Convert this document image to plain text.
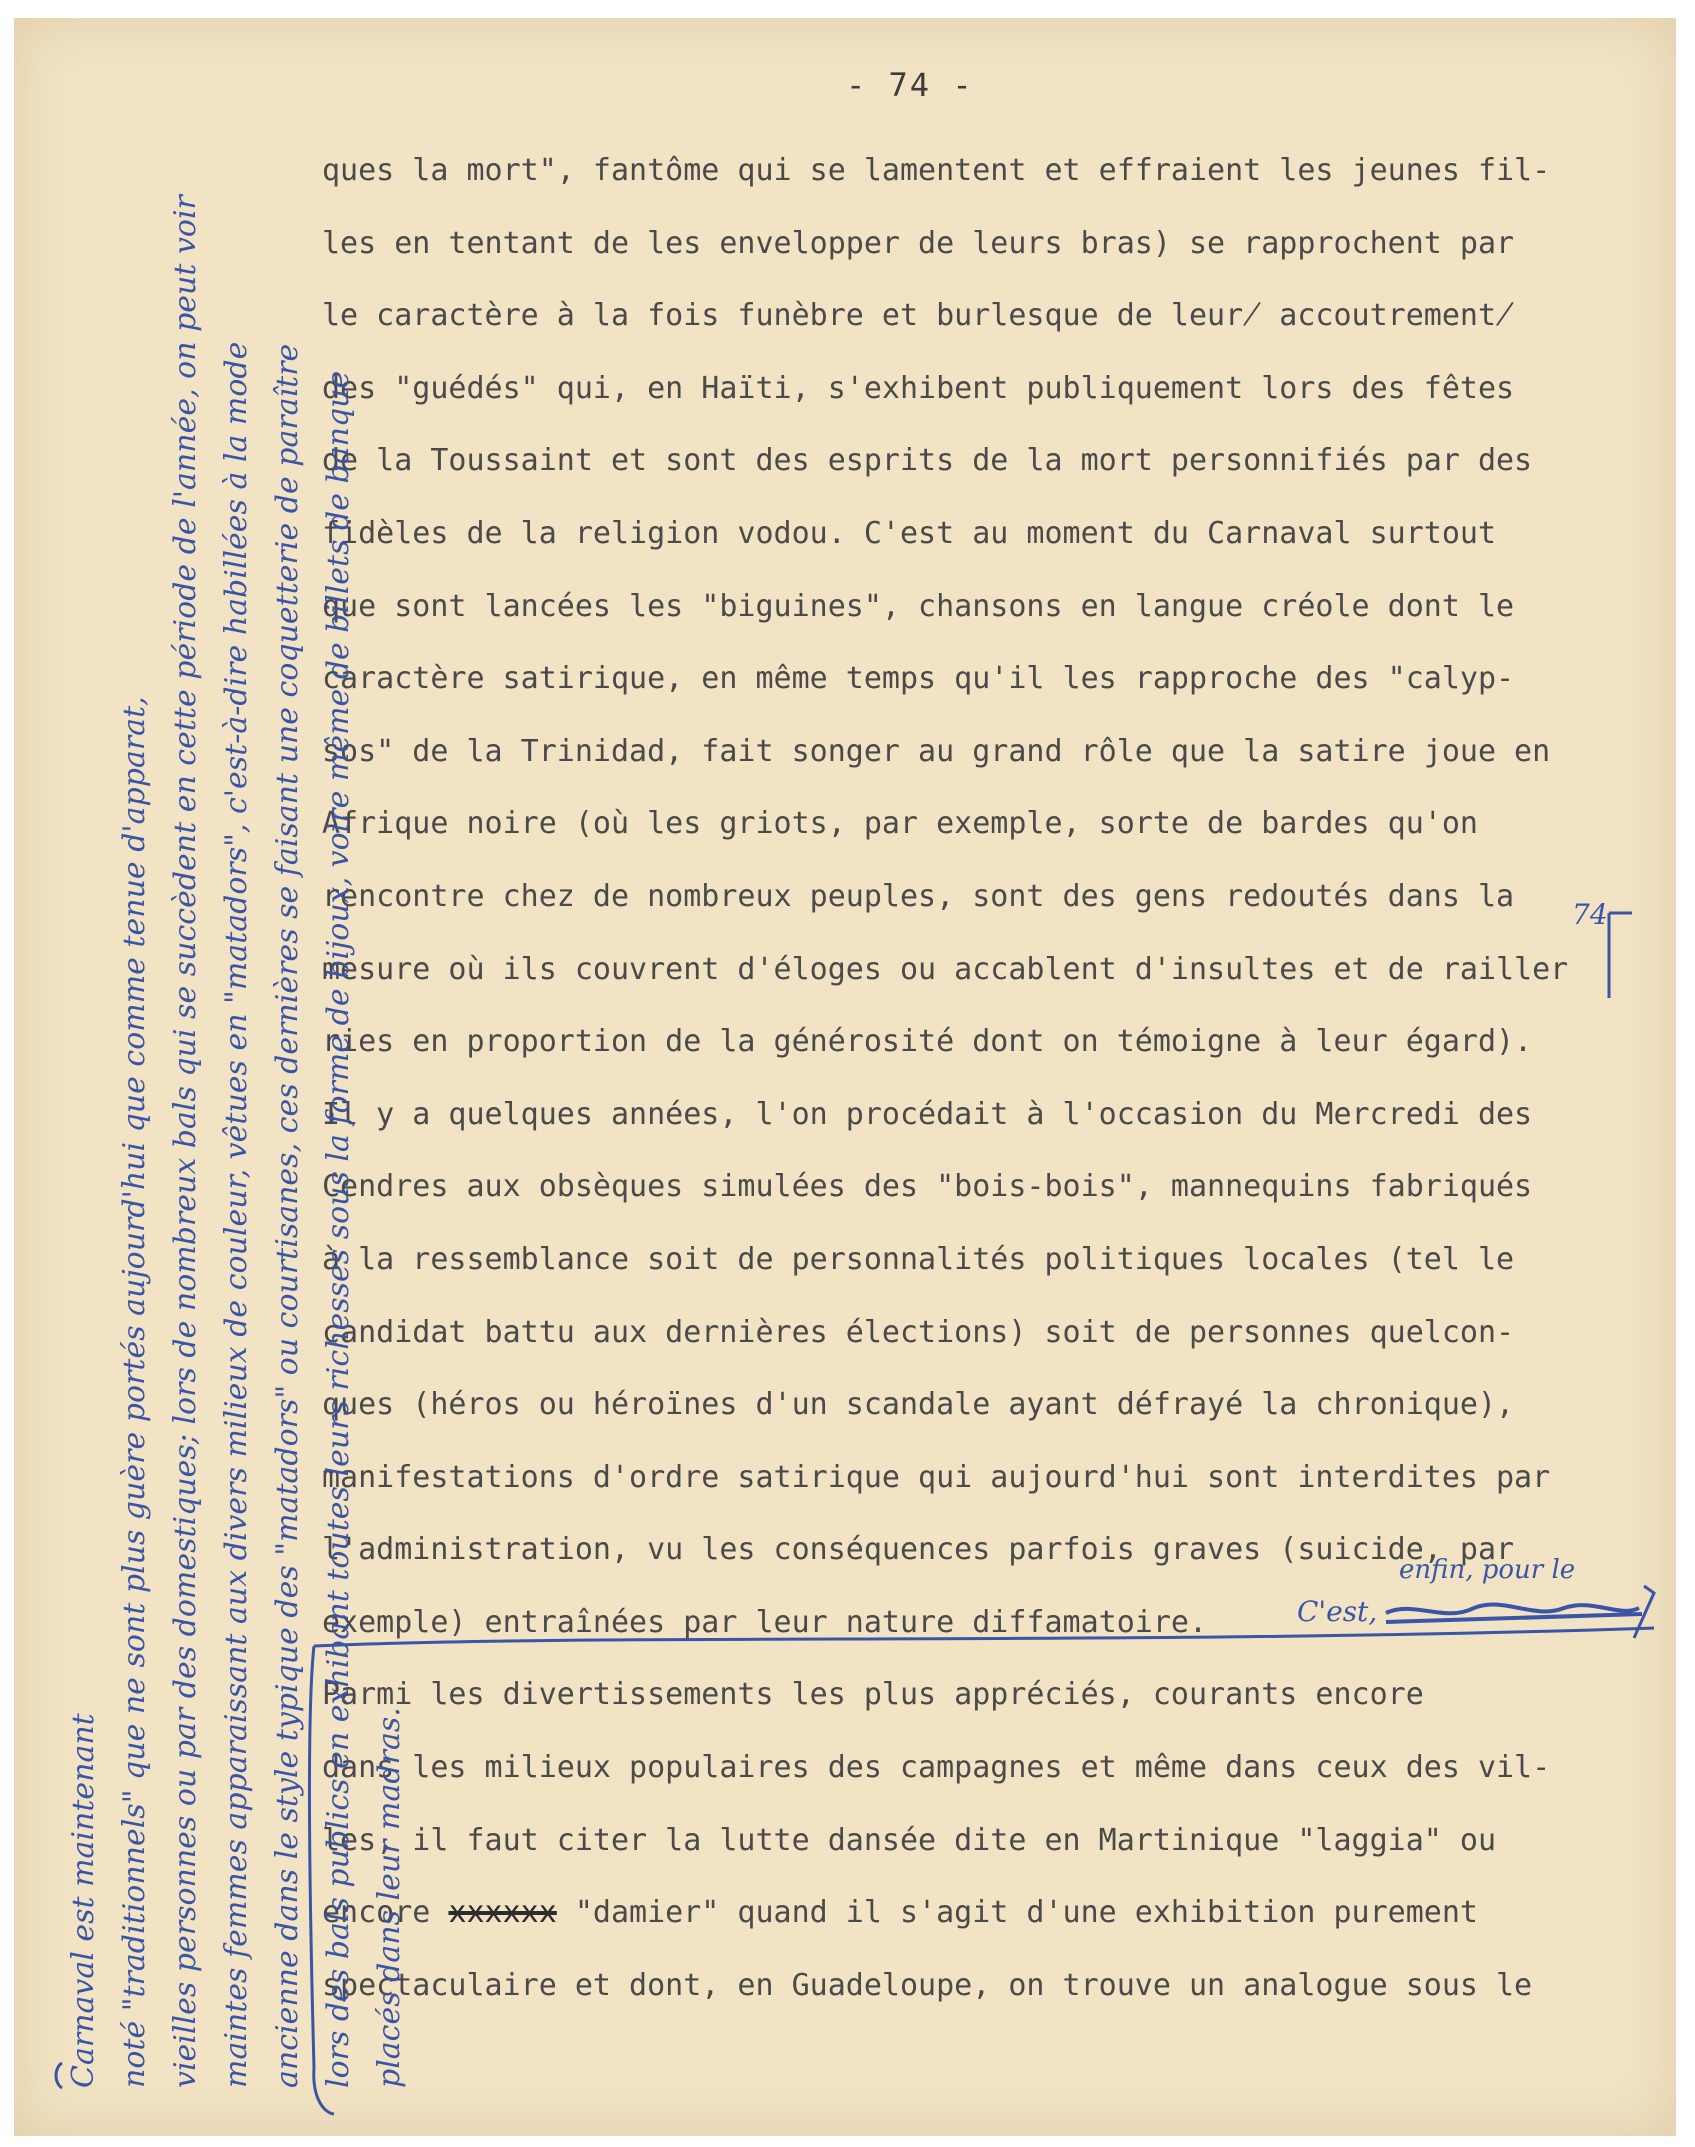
- 74 -
ques la mort", fantôme qui se lamentent et effraient les jeunes fil-
les en tentant de les envelopper de leurs bras) se rapprochent par
le caractère à la fois funèbre et burlesque de leur̸ accoutrement̸
des "guédés" qui, en Haïti, s'exhibent publiquement lors des fêtes
de la Toussaint et sont des esprits de la mort personnifiés par des
fidèles de la religion vodou. C'est au moment du Carnaval surtout
que sont lancées les "biguines", chansons en langue créole dont le
caractère satirique, en même temps qu'il les rapproche des "calyp-
sos" de la Trinidad, fait songer au grand rôle que la satire joue en
Afrique noire (où les griots, par exemple, sorte de bardes qu'on
rencontre chez de nombreux peuples, sont des gens redoutés dans la
mesure où ils couvrent d'éloges ou accablent d'insultes et de railler
ries en proportion de la générosité dont on témoigne à leur égard).
Il y a quelques années, l'on procédait à l'occasion du Mercredi des
Cendres aux obsèques simulées des "bois-bois", mannequins fabriqués
à la ressemblance soit de personnalités politiques locales (tel le
candidat battu aux dernières élections) soit de personnes quelcon-
ques (héros ou héroïnes d'un scandale ayant défrayé la chronique),
manifestations d'ordre satirique qui aujourd'hui sont interdites par
l'administration, vu les conséquences parfois graves (suicide, par
exemple) entraînées par leur nature diffamatoire.
Parmi les divertissements les plus appréciés, courants encore
dans les milieux populaires des campagnes et même dans ceux des vil-
les, il faut citer la lutte dansée dite en Martinique "laggia" ou
encore xxxxxx "damier" quand il s'agit d'une exhibition purement
spectaculaire et dont, en Guadeloupe, on trouve un analogue sous le
74
enfin, pour le
C'est,
Carnaval est maintenant noté "traditionnels" que ne sont plus guère portés aujourd'hui que comme tenue d'apparat, vieilles personnes ou par des domestiques; lors de nombreux bals qui se succèdent en cette période de l'année, on peut voir maintes femmes apparaissant aux divers milieux de couleur, vêtues en "matadors", c'est-à-dire habillées à la mode ancienne dans le style typique des "matadors" ou courtisanes, ces dernières se faisant une coquetterie de paraître lors des bals publics en exhibant toutes leurs richesses sous la forme de bijoux, voire même de billets de banque placés dans leur madras.
